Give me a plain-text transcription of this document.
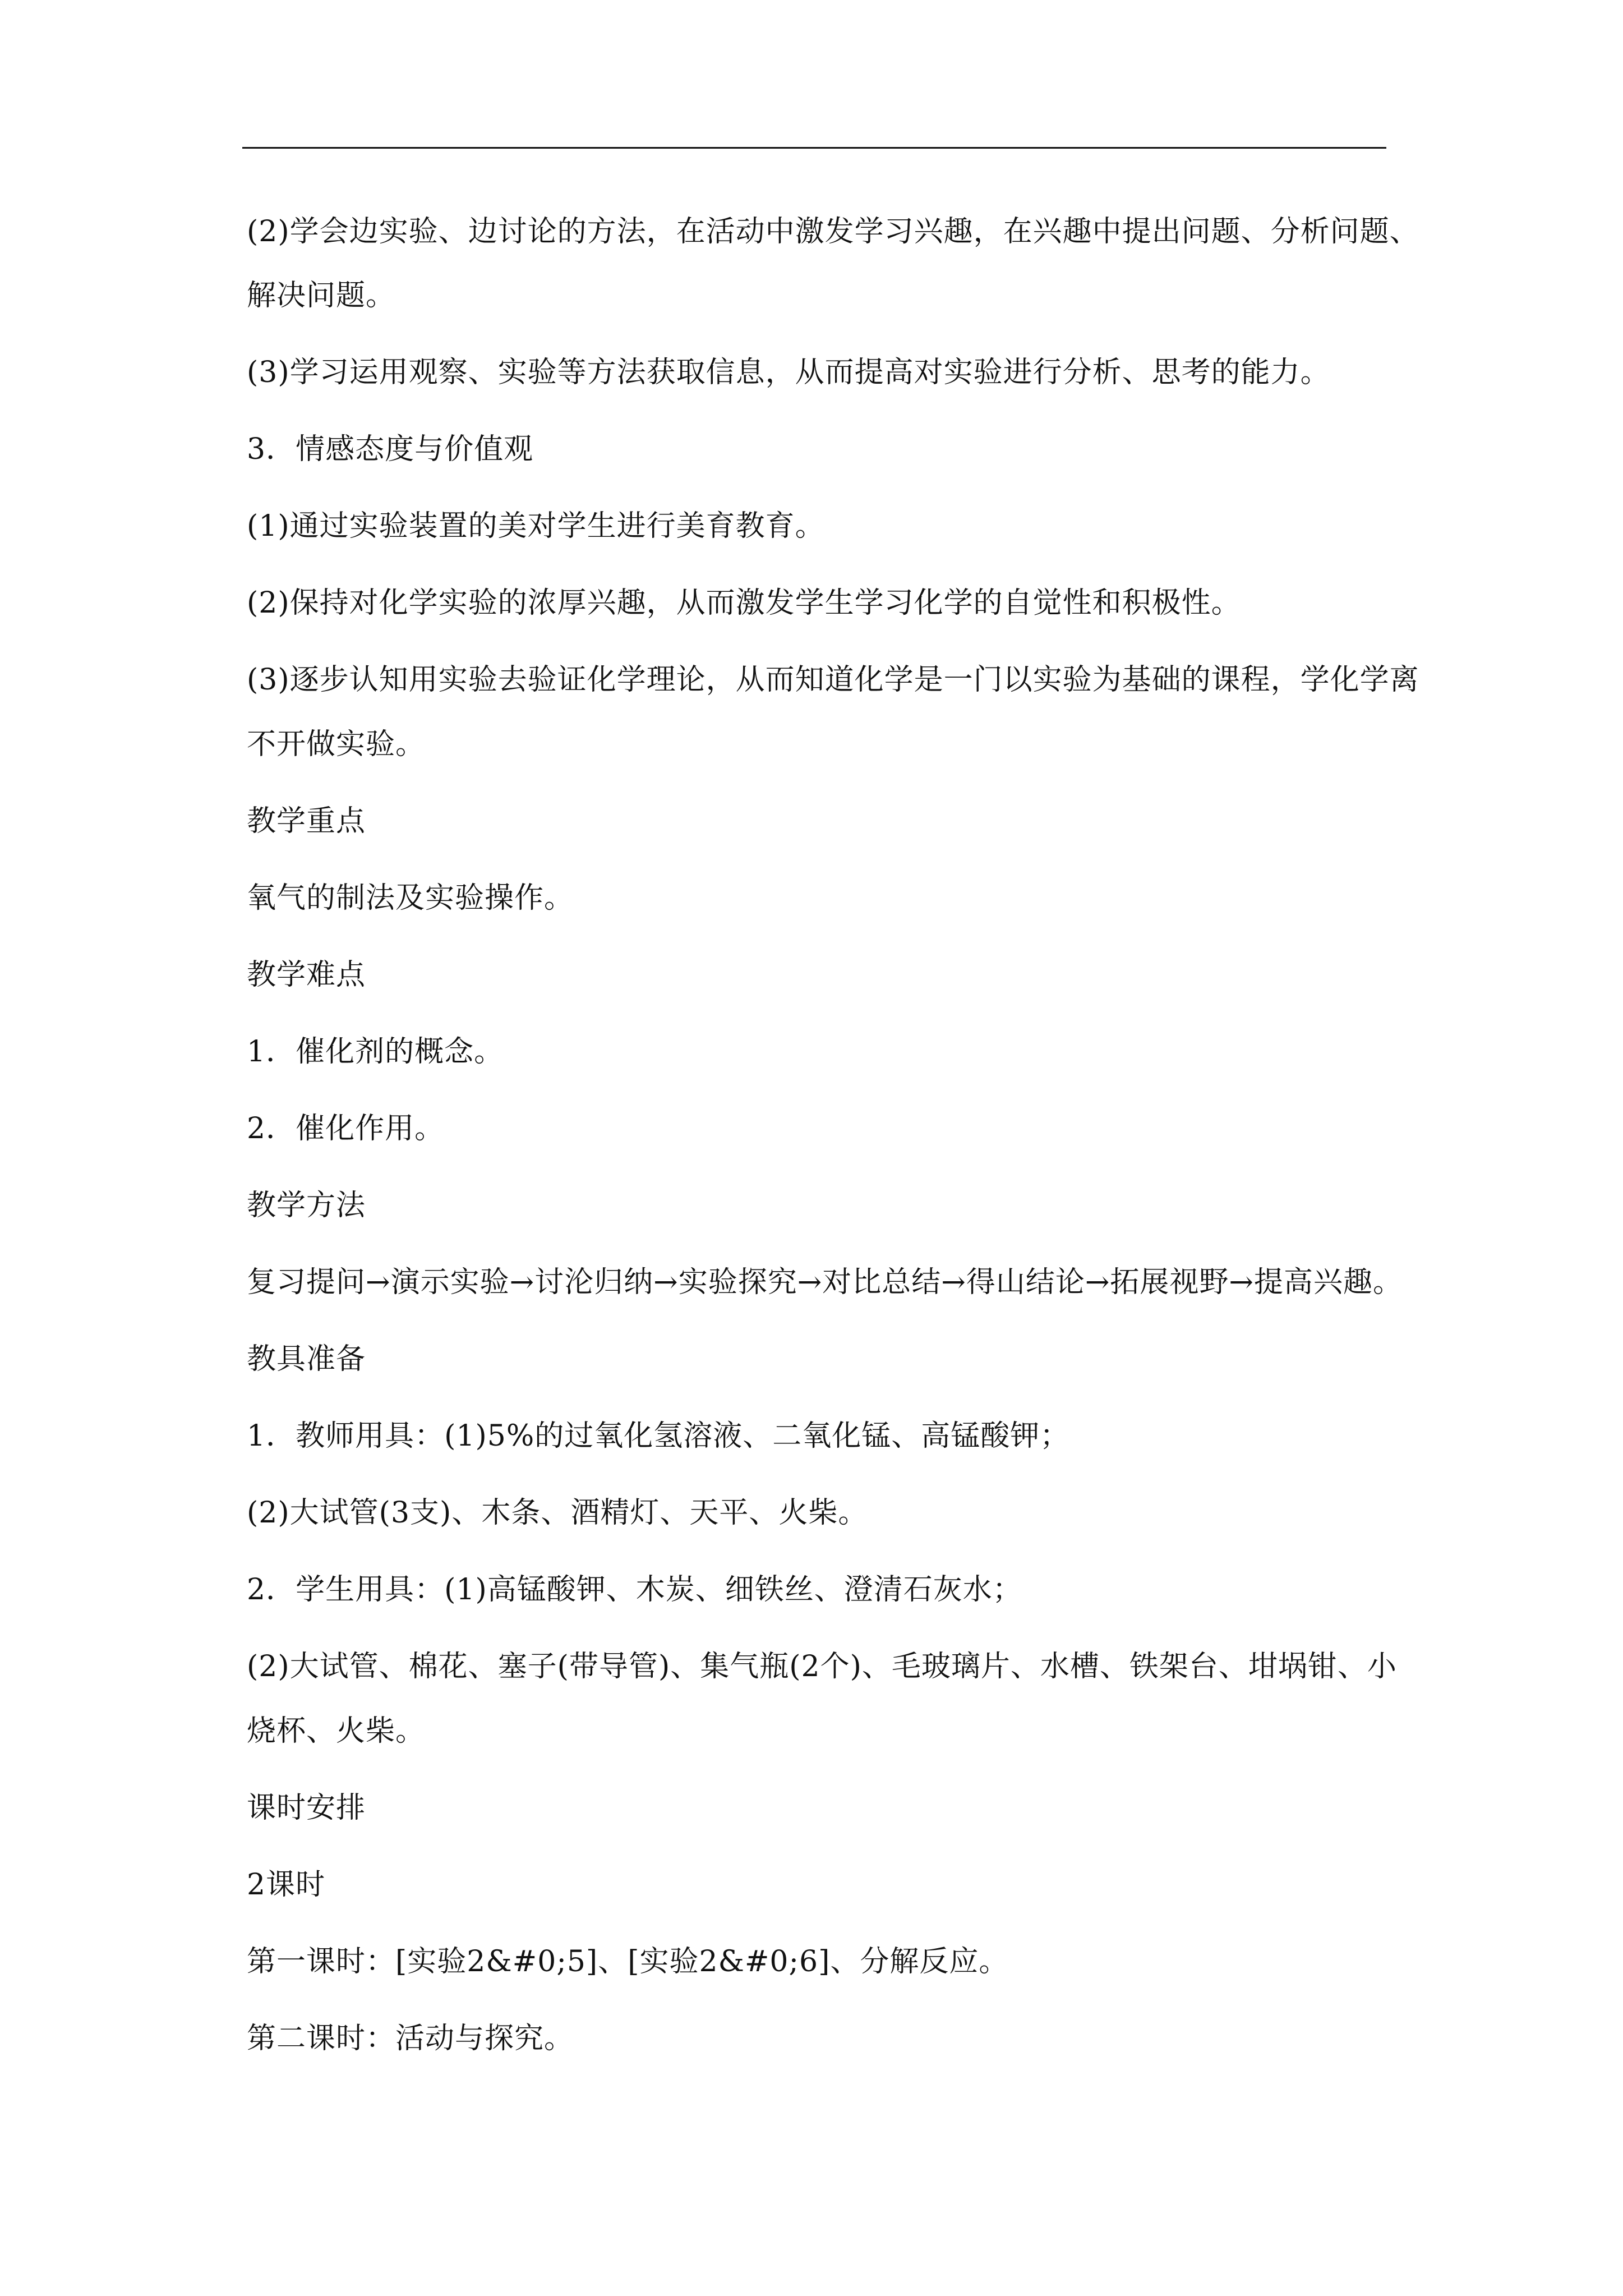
(2)学会边实验、边讨论的方法，在活动中激发学习兴趣，在兴趣中提出问题、分析问题、
解决问题。
(3)学习运用观察、实验等方法获取信息，从而提高对实验进行分析、思考的能力。
3．情感态度与价值观
(1)通过实验装置的美对学生进行美育教育。
(2)保持对化学实验的浓厚兴趣，从而激发学生学习化学的自觉性和积极性。
(3)逐步认知用实验去验证化学理论，从而知道化学是一门以实验为基础的课程，学化学离
不开做实验。
教学重点
氧气的制法及实验操作。
教学难点
1．催化剂的概念。
2．催化作用。
教学方法
复习提问→演示实验→讨沦归纳→实验探究→对比总结→得山结论→拓展视野→提高兴趣。
教具准备
1．教师用具：(1)5%的过氧化氢溶液、二氧化锰、高锰酸钾；
(2)大试管(3支)、木条、酒精灯、天平、火柴。
2．学生用具：(1)高锰酸钾、木炭、细铁丝、澄清石灰水；
(2)大试管、棉花、塞子(带导管)、集气瓶(2个)、毛玻璃片、水槽、铁架台、坩埚钳、小
烧杯、火柴。
课时安排
2课时
第一课时：[实验2&#0;5]、[实验2&#0;6]、分解反应。
第二课时：活动与探究。
